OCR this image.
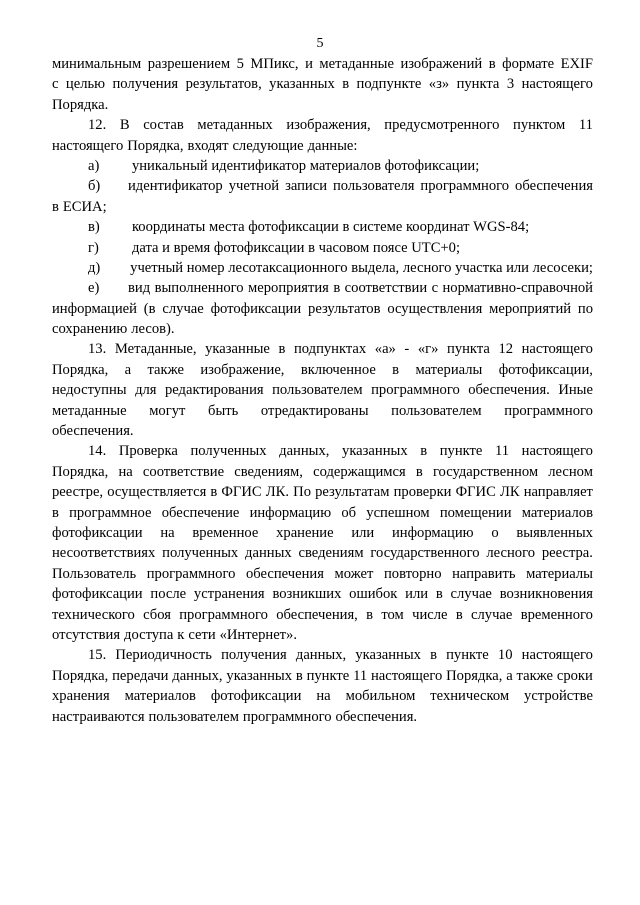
5
минимальным разрешением 5 МПикс, и метаданные изображений в формате EXIF
с целью получения результатов, указанных в подпункте «з» пункта 3 настоящего
Порядка.
12. В состав метаданных изображения, предусмотренного пунктом 11
настоящего Порядка, входят следующие данные:
а)	уникальный идентификатор материалов фотофиксации;
б)	идентификатор учетной записи пользователя программного обеспечения
в ЕСИА;
в)	координаты места фотофиксации в системе координат WGS-84;
г)	дата и время фотофиксации в часовом поясе UTC+0;
д)	учетный номер лесотаксационного выдела, лесного участка или лесосеки;
е)	вид выполненного мероприятия в соответствии с нормативно-справочной
информацией (в случае фотофиксации результатов осуществления мероприятий по
сохранению лесов).
13. Метаданные, указанные в подпунктах «а» - «г» пункта 12 настоящего
Порядка, а также изображение, включенное в материалы фотофиксации,
недоступны для редактирования пользователем программного обеспечения. Иные
метаданные могут быть отредактированы пользователем программного
обеспечения.
14. Проверка полученных данных, указанных в пункте 11 настоящего
Порядка, на соответствие сведениям, содержащимся в государственном лесном
реестре, осуществляется в ФГИС ЛК. По результатам проверки ФГИС ЛК направляет
в программное обеспечение информацию об успешном помещении материалов
фотофиксации на временное хранение или информацию о выявленных
несоответствиях полученных данных сведениям государственного лесного реестра.
Пользователь программного обеспечения может повторно направить материалы
фотофиксации после устранения возникших ошибок или в случае возникновения
технического сбоя программного обеспечения, в том числе в случае временного
отсутствия доступа к сети «Интернет».
15. Периодичность получения данных, указанных в пункте 10 настоящего
Порядка, передачи данных, указанных в пункте 11 настоящего Порядка, а также сроки
хранения материалов фотофиксации на мобильном техническом устройстве
настраиваются пользователем программного обеспечения.
